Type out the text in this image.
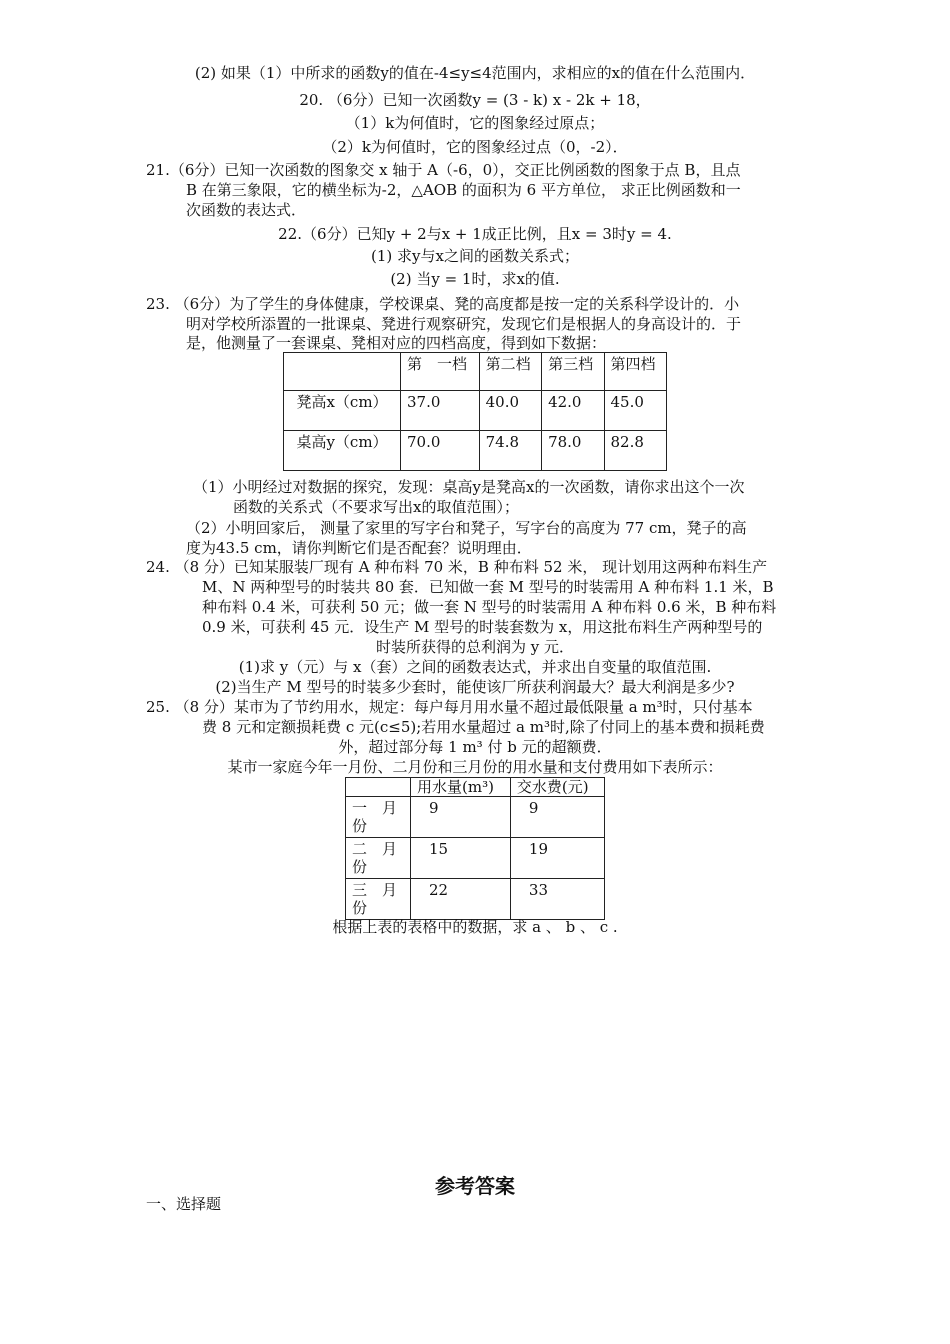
(2) 如果（1）中所求的函数y的值在-4≤y≤4范围内，求相应的x的值在什么范围内．
20. （6分）已知一次函数y = (3 - k) x - 2k + 18，
（1）k为何值时，它的图象经过原点；
（2）k为何值时，它的图象经过点（0，-2）．
21.（6分）已知一次函数的图象交 x 轴于 A（-6，0），交正比例函数的图象于点 B，且点
B 在第三象限，它的横坐标为-2，△AOB 的面积为 6 平方单位， 求正比例函数和一
次函数的表达式．
22.（6分）已知y + 2与x + 1成正比例，且x = 3时y = 4.
(1) 求y与x之间的函数关系式；
(2) 当y = 1时，求x的值.
23. （6分）为了学生的身体健康，学校课桌、凳的高度都是按一定的关系科学设计的．小
明对学校所添置的一批课桌、凳进行观察研究，发现它们是根据人的身高设计的．于
是，他测量了一套课桌、凳相对应的四档高度，得到如下数据：
	第　一档	第二档	第三档	第四档
凳高x（cm）	37.0	40.0	42.0	45.0
桌高y（cm）	70.0	74.8	78.0	82.8
（1）小明经过对数据的探究，发现：桌高y是凳高x的一次函数，请你求出这个一次
函数的关系式（不要求写出x的取值范围）；
（2）小明回家后， 测量了家里的写字台和凳子，写字台的高度为 77 cm，凳子的高
度为43.5 cm，请你判断它们是否配套？说明理由．
24. （8 分）已知某服装厂现有 A 种布料 70 米，B 种布料 52 米， 现计划用这两种布料生产
M、N 两种型号的时装共 80 套．已知做一套 M 型号的时装需用 A 种布料 1.1 米，B
种布料 0.4 米，可获利 50 元；做一套 N 型号的时装需用 A 种布料 0.6 米，B 种布料
0.9 米，可获利 45 元．设生产 M 型号的时装套数为 x，用这批布料生产两种型号的
时装所获得的总利润为 y 元．
(1)求 y（元）与 x（套）之间的函数表达式，并求出自变量的取值范围.
(2)当生产 M 型号的时装多少套时，能使该厂所获利润最大？最大利润是多少?
25. （8 分）某市为了节约用水，规定：每户每月用水量不超过最低限量 a m³时，只付基本
费 8 元和定额损耗费 c 元(c≤5);若用水量超过 a m³时,除了付同上的基本费和损耗费
外，超过部分每 1 m³ 付 b 元的超额费．
某市一家庭今年一月份、二月份和三月份的用水量和支付费用如下表所示：
	用水量(m³)	交水费(元)
一　月份	9	9
二　月份	15	19
三　月份	22	33
根据上表的表格中的数据，求 a 、 b 、 c .
参考答案
一、选择题
